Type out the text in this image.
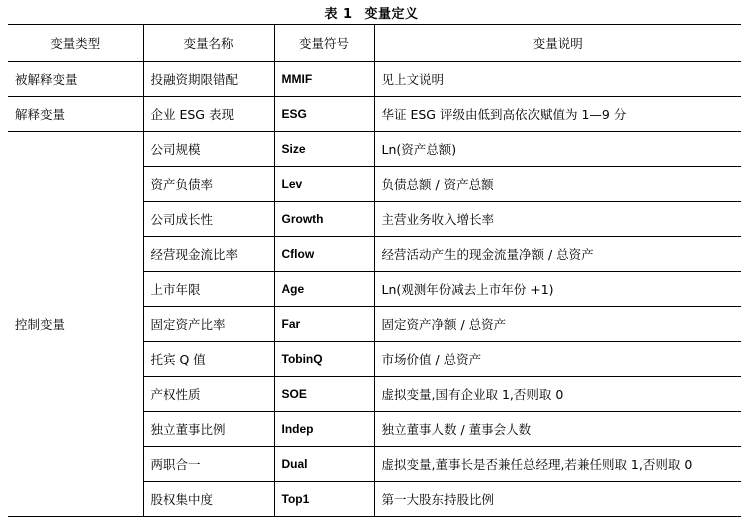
表 1 变量定义
变量类型	变量名称	变量符号	变量说明
被解释变量	投融资期限错配	MMIF	见上文说明
解释变量	企业 ESG 表现	ESG	华证 ESG 评级由低到高依次赋值为 1—9 分
控制变量	公司规模	Size	Ln(资产总额)
	资产负债率	Lev	负债总额 / 资产总额
	公司成长性	Growth	主营业务收入增长率
	经营现金流比率	Cflow	经营活动产生的现金流量净额 / 总资产
	上市年限	Age	Ln(观测年份减去上市年份 +1)
	固定资产比率	Far	固定资产净额 / 总资产
	托宾 Q 值	TobinQ	市场价值 / 总资产
	产权性质	SOE	虚拟变量,国有企业取 1,否则取 0
	独立董事比例	Indep	独立董事人数 / 董事会人数
	两职合一	Dual	虚拟变量,董事长是否兼任总经理,若兼任则取 1,否则取 0
	股权集中度	Top1	第一大股东持股比例
